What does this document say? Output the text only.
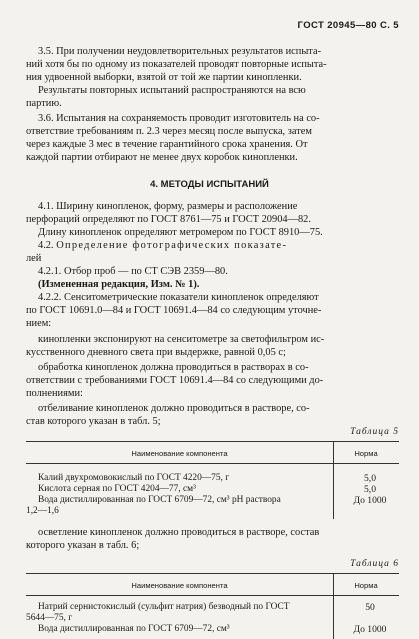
ГОСТ 20945—80 С. 5
3.5. При получении неудовлетворительных результатов испыта-
ний хотя бы по одному из показателей проводят повторные испыта-
ния удвоенной выборки, взятой от той же партии кинопленки.
Результаты повторных испытаний распространяются на всю
партию.
3.6. Испытания на сохраняемость проводит изготовитель на со-
ответствие требованиям п. 2.3 через месяц после выпуска, затем
через каждые 3 мес в течение гарантийного срока хранения. От
каждой партии отбирают не менее двух коробок кинопленки.
4. МЕТОДЫ ИСПЫТАНИЙ
4.1. Ширину кинопленок, форму, размеры и расположение
перфораций определяют по ГОСТ 8761—75 и ГОСТ 20904—82.
Длину кинопленок определяют метромером по ГОСТ 8910—75.
4.2. Определение фотографических показате-
лей
4.2.1. Отбор проб — по СТ СЭВ 2359—80.
(Измененная редакция, Изм. № 1).
4.2.2. Сенситометрические показатели кинопленок определяют
по ГОСТ 10691.0—84 и ГОСТ 10691.4—84 со следующим уточне-
нием:
кинопленки экспонируют на сенситометре за светофильтром ис-
кусственного дневного света при выдержке, равной 0,05 с;
обработка кинопленок должна проводиться в растворах в со-
ответствии с требованиями ГОСТ 10691.4—84 со следующими до-
полнениями:
отбеливание кинопленок должно проводиться в растворе, со-
став которого указан в табл. 5;
Таблица 5
Наименование компонента	Норма
Калий двухромовокислый по ГОСТ 4220—75, г	5,0
Кислота серная по ГОСТ 4204—77, см³	5,0
Вода дистиллированная по ГОСТ 6709—72, см³ рН раствора	До 1000
1,2—1,6
осветление кинопленок должно проводиться в растворе, состав
которого указан в табл. 6;
Таблица 6
Наименование компонента	Норма
Натрий сернистокислый (сульфит натрия) безводный по ГОСТ	50
5644—75, г
Вода дистиллированная по ГОСТ 6709—72, см³	До 1000
